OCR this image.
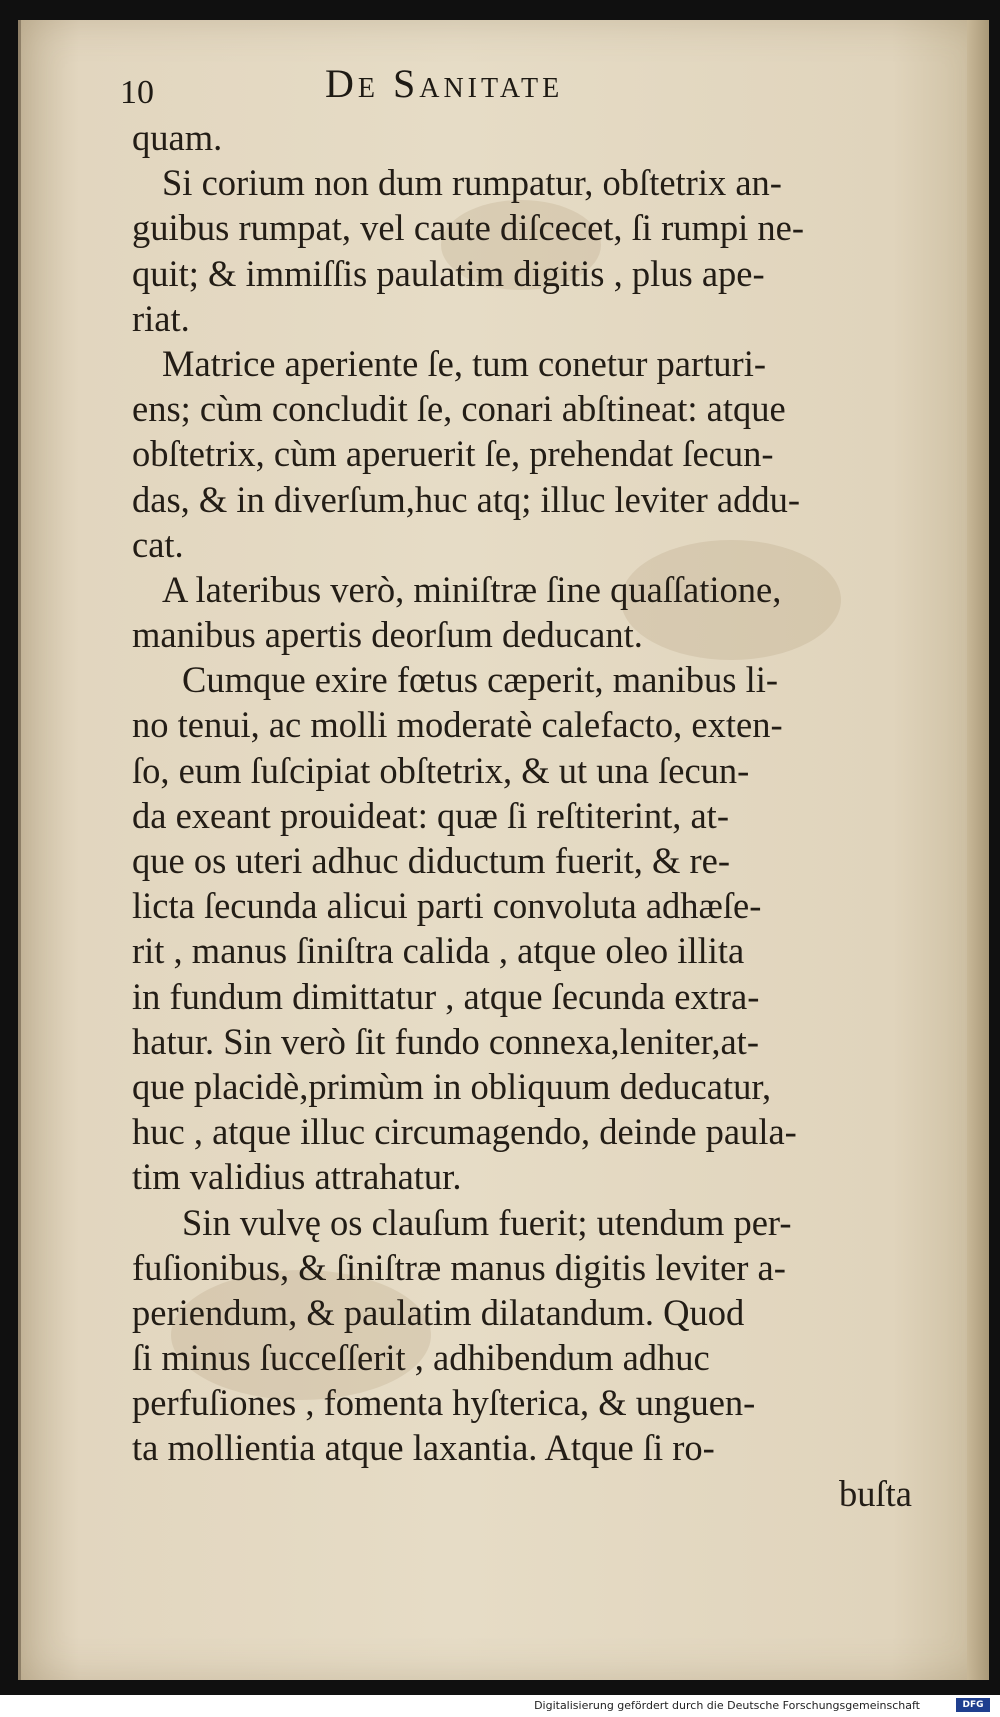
10	De Sanitate
quam.
Si corium non dum rumpatur, obſtetrix an-
guibus rumpat, vel caute diſcecet, ſi rumpi ne-
quit; & immiſſis paulatim digitis , plus ape-
riat.
Matrice aperiente ſe, tum conetur parturi-
ens; cùm concludit ſe, conari abſtineat: atque
obſtetrix, cùm aperuerit ſe, prehendat ſecun-
das, & in diverſum,huc atq; illuc leviter addu-
cat.
A lateribus verò, miniſtræ ſine quaſſatione,
manibus apertis deorſum deducant.
Cumque exire fœtus cæperit, manibus li-
no tenui, ac molli moderatè calefacto, exten-
ſo, eum ſuſcipiat obſtetrix, & ut una ſecun-
da exeant prouideat: quæ ſi reſtiterint, at-
que os uteri adhuc diductum fuerit, & re-
licta ſecunda alicui parti convoluta adhæſe-
rit , manus ſiniſtra calida , atque oleo illita
in fundum dimittatur , atque ſecunda extra-
hatur. Sin verò ſit fundo connexa,leniter,at-
que placidè,primùm in obliquum deducatur,
huc , atque illuc circumagendo, deinde paula-
tim validius attrahatur.
Sin vulvę os clauſum fuerit; utendum per-
fuſionibus, & ſiniſtræ manus digitis leviter a-
periendum, & paulatim dilatandum. Quod
ſi minus ſucceſſerit , adhibendum adhuc
perfuſiones , fomenta hyſterica, & unguen-
ta mollientia atque laxantia. Atque ſi ro-
buſta
Digitalisierung gefördert durch die Deutsche Forschungsgemeinschaft	DFG
